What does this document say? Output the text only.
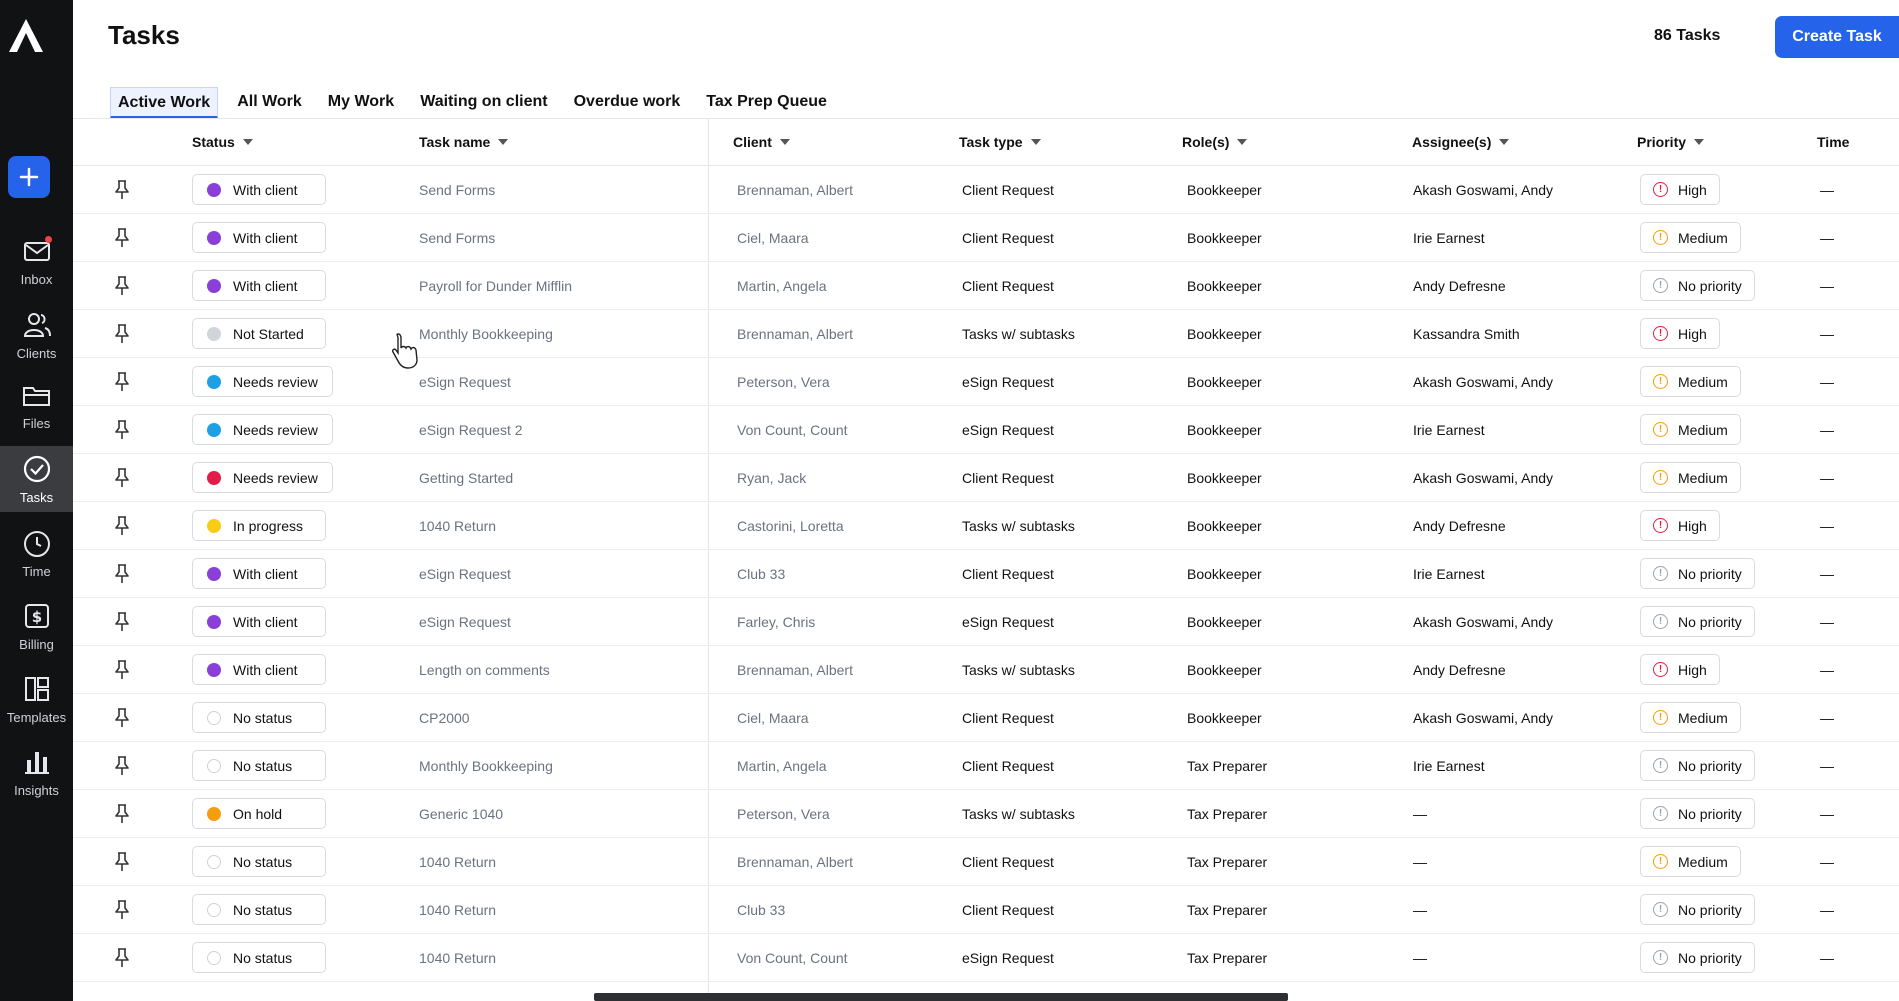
Inbox
Clients
Files
Tasks
Time
$
Billing
Templates
Insights
Tasks	86 Tasks	Create Task
Active Work	All Work	My Work	Waiting on client	Overdue work	Tax Prep Queue
Status	Task name	Client	Task type	Role(s)	Assignee(s)	Priority	Time
With client	Send Forms	Brennaman, Albert	Client Request	Bookkeeper	Akash Goswami, Andy	!	High	—
With client	Send Forms	Ciel, Maara	Client Request	Bookkeeper	Irie Earnest	!	Medium	—
With client	Payroll for Dunder Mifflin	Martin, Angela	Client Request	Bookkeeper	Andy Defresne	!	No priority	—
Not Started	Monthly Bookkeeping	Brennaman, Albert	Tasks w/ subtasks	Bookkeeper	Kassandra Smith	!	High	—
Needs review	eSign Request	Peterson, Vera	eSign Request	Bookkeeper	Akash Goswami, Andy	!	Medium	—
Needs review	eSign Request 2	Von Count, Count	eSign Request	Bookkeeper	Irie Earnest	!	Medium	—
Needs review	Getting Started	Ryan, Jack	Client Request	Bookkeeper	Akash Goswami, Andy	!	Medium	—
In progress	1040 Return	Castorini, Loretta	Tasks w/ subtasks	Bookkeeper	Andy Defresne	!	High	—
With client	eSign Request	Club 33	Client Request	Bookkeeper	Irie Earnest	!	No priority	—
With client	eSign Request	Farley, Chris	eSign Request	Bookkeeper	Akash Goswami, Andy	!	No priority	—
With client	Length on comments	Brennaman, Albert	Tasks w/ subtasks	Bookkeeper	Andy Defresne	!	High	—
No status	CP2000	Ciel, Maara	Client Request	Bookkeeper	Akash Goswami, Andy	!	Medium	—
No status	Monthly Bookkeeping	Martin, Angela	Client Request	Tax Preparer	Irie Earnest	!	No priority	—
On hold	Generic 1040	Peterson, Vera	Tasks w/ subtasks	Tax Preparer	—	!	No priority	—
No status	1040 Return	Brennaman, Albert	Client Request	Tax Preparer	—	!	Medium	—
No status	1040 Return	Club 33	Client Request	Tax Preparer	—	!	No priority	—
No status	1040 Return	Von Count, Count	eSign Request	Tax Preparer	—	!	No priority	—
